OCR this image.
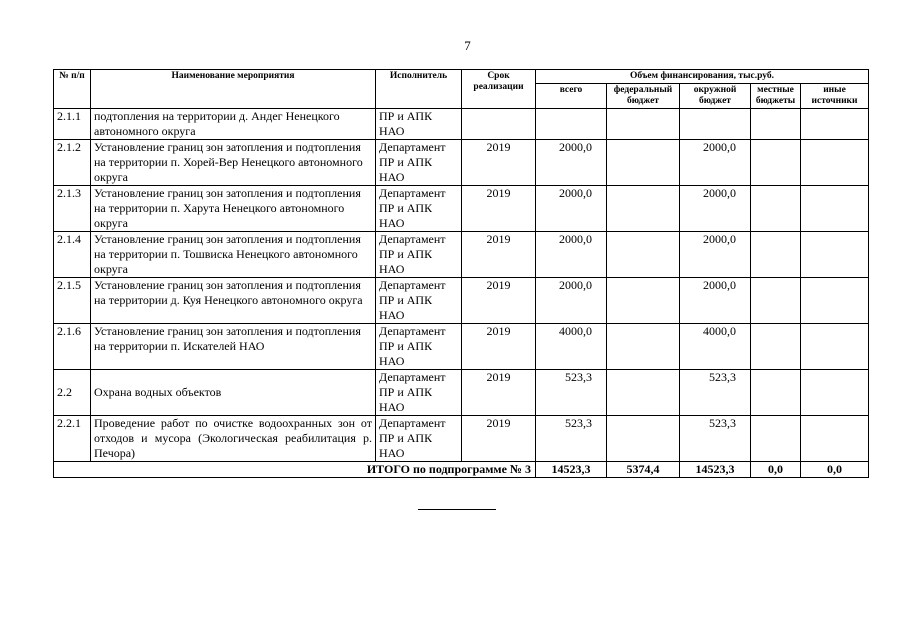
7
№ п/п	Наименование мероприятия	Исполнитель	Срок реализации	Объем финансирования, тыс.руб.				
				всего	федеральный бюджет	окружной бюджет	местные бюджеты	иные источники
2.1.1	подтопления на территории д. Андег Ненецкого автономного округа	ПР и АПК НАО						
2.1.2	Установление границ зон затопления и подтопления на территории п. Хорей-Вер Ненецкого автономного округа	Департамент ПР и АПК НАО	2019	2000,0		2000,0		
2.1.3	Установление границ зон затопления и подтопления на территории п. Харута Ненецкого автономного округа	Департамент ПР и АПК НАО	2019	2000,0		2000,0		
2.1.4	Установление границ зон затопления и подтопления на территории п. Тошвиска Ненецкого автономного округа	Департамент ПР и АПК НАО	2019	2000,0		2000,0		
2.1.5	Установление границ зон затопления и подтопления на территории д. Куя Ненецкого автономного округа	Департамент ПР и АПК НАО	2019	2000,0		2000,0		
2.1.6	Установление границ зон затопления и подтопления на территории п. Искателей НАО	Департамент ПР и АПК НАО	2019	4000,0		4000,0		
2.2	Охрана водных объектов	Департамент ПР и АПК НАО	2019	523,3		523,3		
2.2.1	Проведение работ по очистке водоохранных зон от отходов и мусора (Экологическая реабилитация р. Печора)	Департамент ПР и АПК НАО	2019	523,3		523,3		
ИТОГО по подпрограмме № 3				14523,3	5374,4	14523,3	0,0	0,0
